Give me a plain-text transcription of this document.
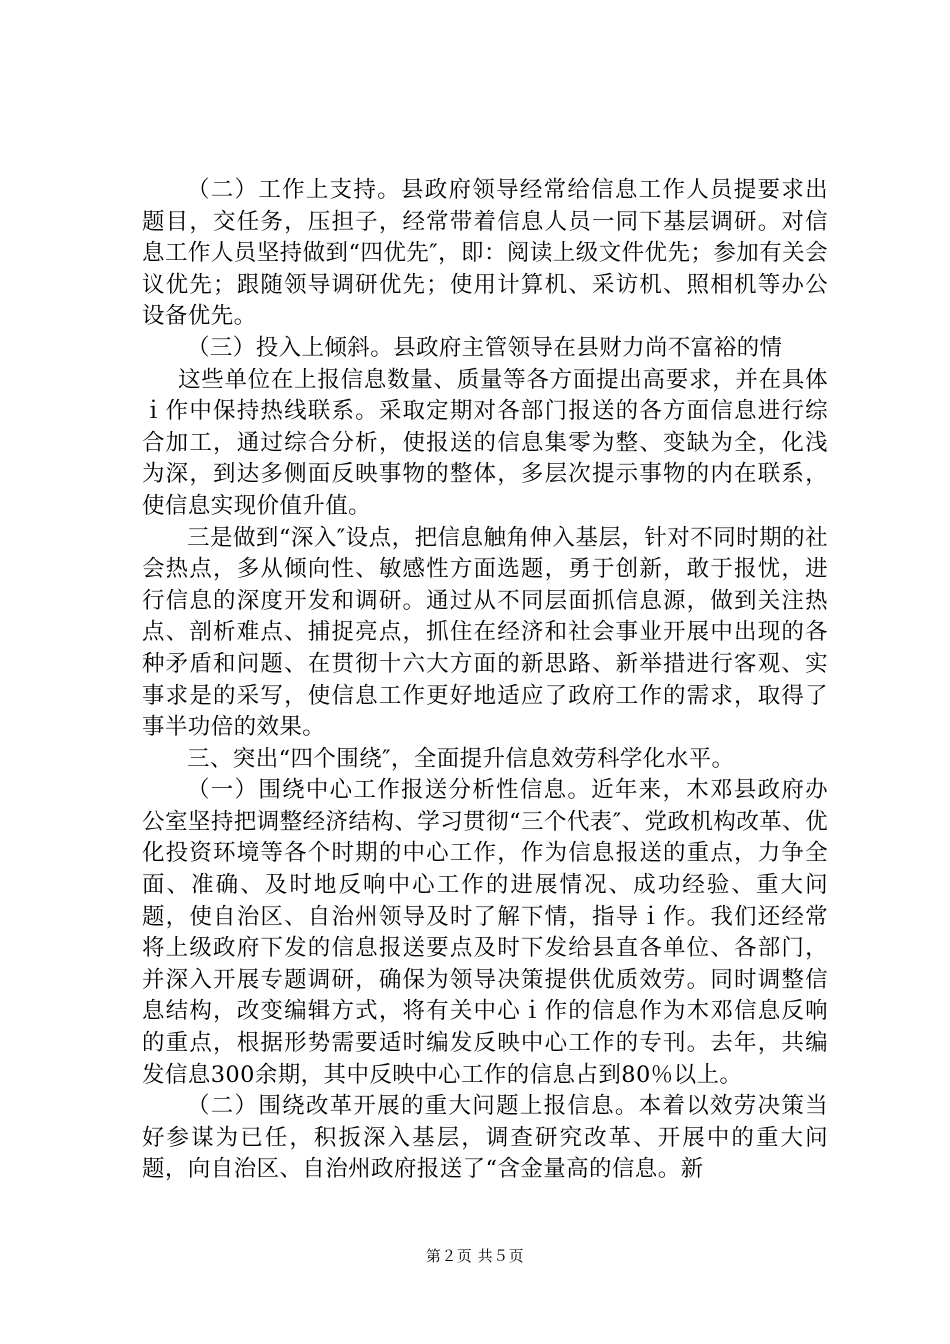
（二）工作上支持。县政府领导经常给信息工作人员提要求出题目，交任务，压担子，经常带着信息人员一同下基层调研。对信息工作人员坚持做到“四优先″，即：阅读上级文件优先；参加有关会议优先；跟随领导调研优先；使用计算机、采访机、照相机等办公设备优先。

（三）投入上倾斜。县政府主管领导在县财力尚不富裕的情

这些单位在上报信息数量、质量等各方面提出高要求，并在具体ｉ作中保持热线联系。采取定期对各部门报送的各方面信息进行综合加工，通过综合分析，使报送的信息集零为整、变缺为全，化浅为深，到达多侧面反映事物的整体，多层次提示事物的内在联系，使信息实现价值升值。

三是做到“深入″设点，把信息触角伸入基层，针对不同时期的社会热点，多从倾向性、敏感性方面选题，勇于创新，敢于报忧，进行信息的深度开发和调研。通过从不同层面抓信息源，做到关注热点、剖析难点、捕捉亮点，抓住在经济和社会事业开展中出现的各种矛盾和问题、在贯彻十六大方面的新思路、新举措进行客观、实事求是的采写，使信息工作更好地适应了政府工作的需求，取得了事半功倍的效果。

三、突出“四个围绕″，全面提升信息效劳科学化水平。

（一）围绕中心工作报送分析性信息。近年来，木邓县政府办公室坚持把调整经济结构、学习贯彻“三个代表″、党政机构改革、优化投资环境等各个时期的中心工作，作为信息报送的重点，力争全面、准确、及时地反响中心工作的进展情况、成功经验、重大问题，使自治区、自治州领导及时了解下情，指导ｉ作。我们还经常将上级政府下发的信息报送要点及时下发给县直各单位、各部门，并深入开展专题调研，确保为领导决策提供优质效劳。同时调整信息结构，改变编辑方式，将有关中心ｉ作的信息作为木邓信息反响的重点，根据形势需要适时编发反映中心工作的专刊。去年，共编发信息300余期，其中反映中心工作的信息占到80％以上。

（二）围绕改革开展的重大问题上报信息。本着以效劳决策当好参谋为已任，积扳深入基层，调查研究改革、开展中的重大问题，向自治区、自治州政府报送了“含金量高的信息。新

第２页 共５页
